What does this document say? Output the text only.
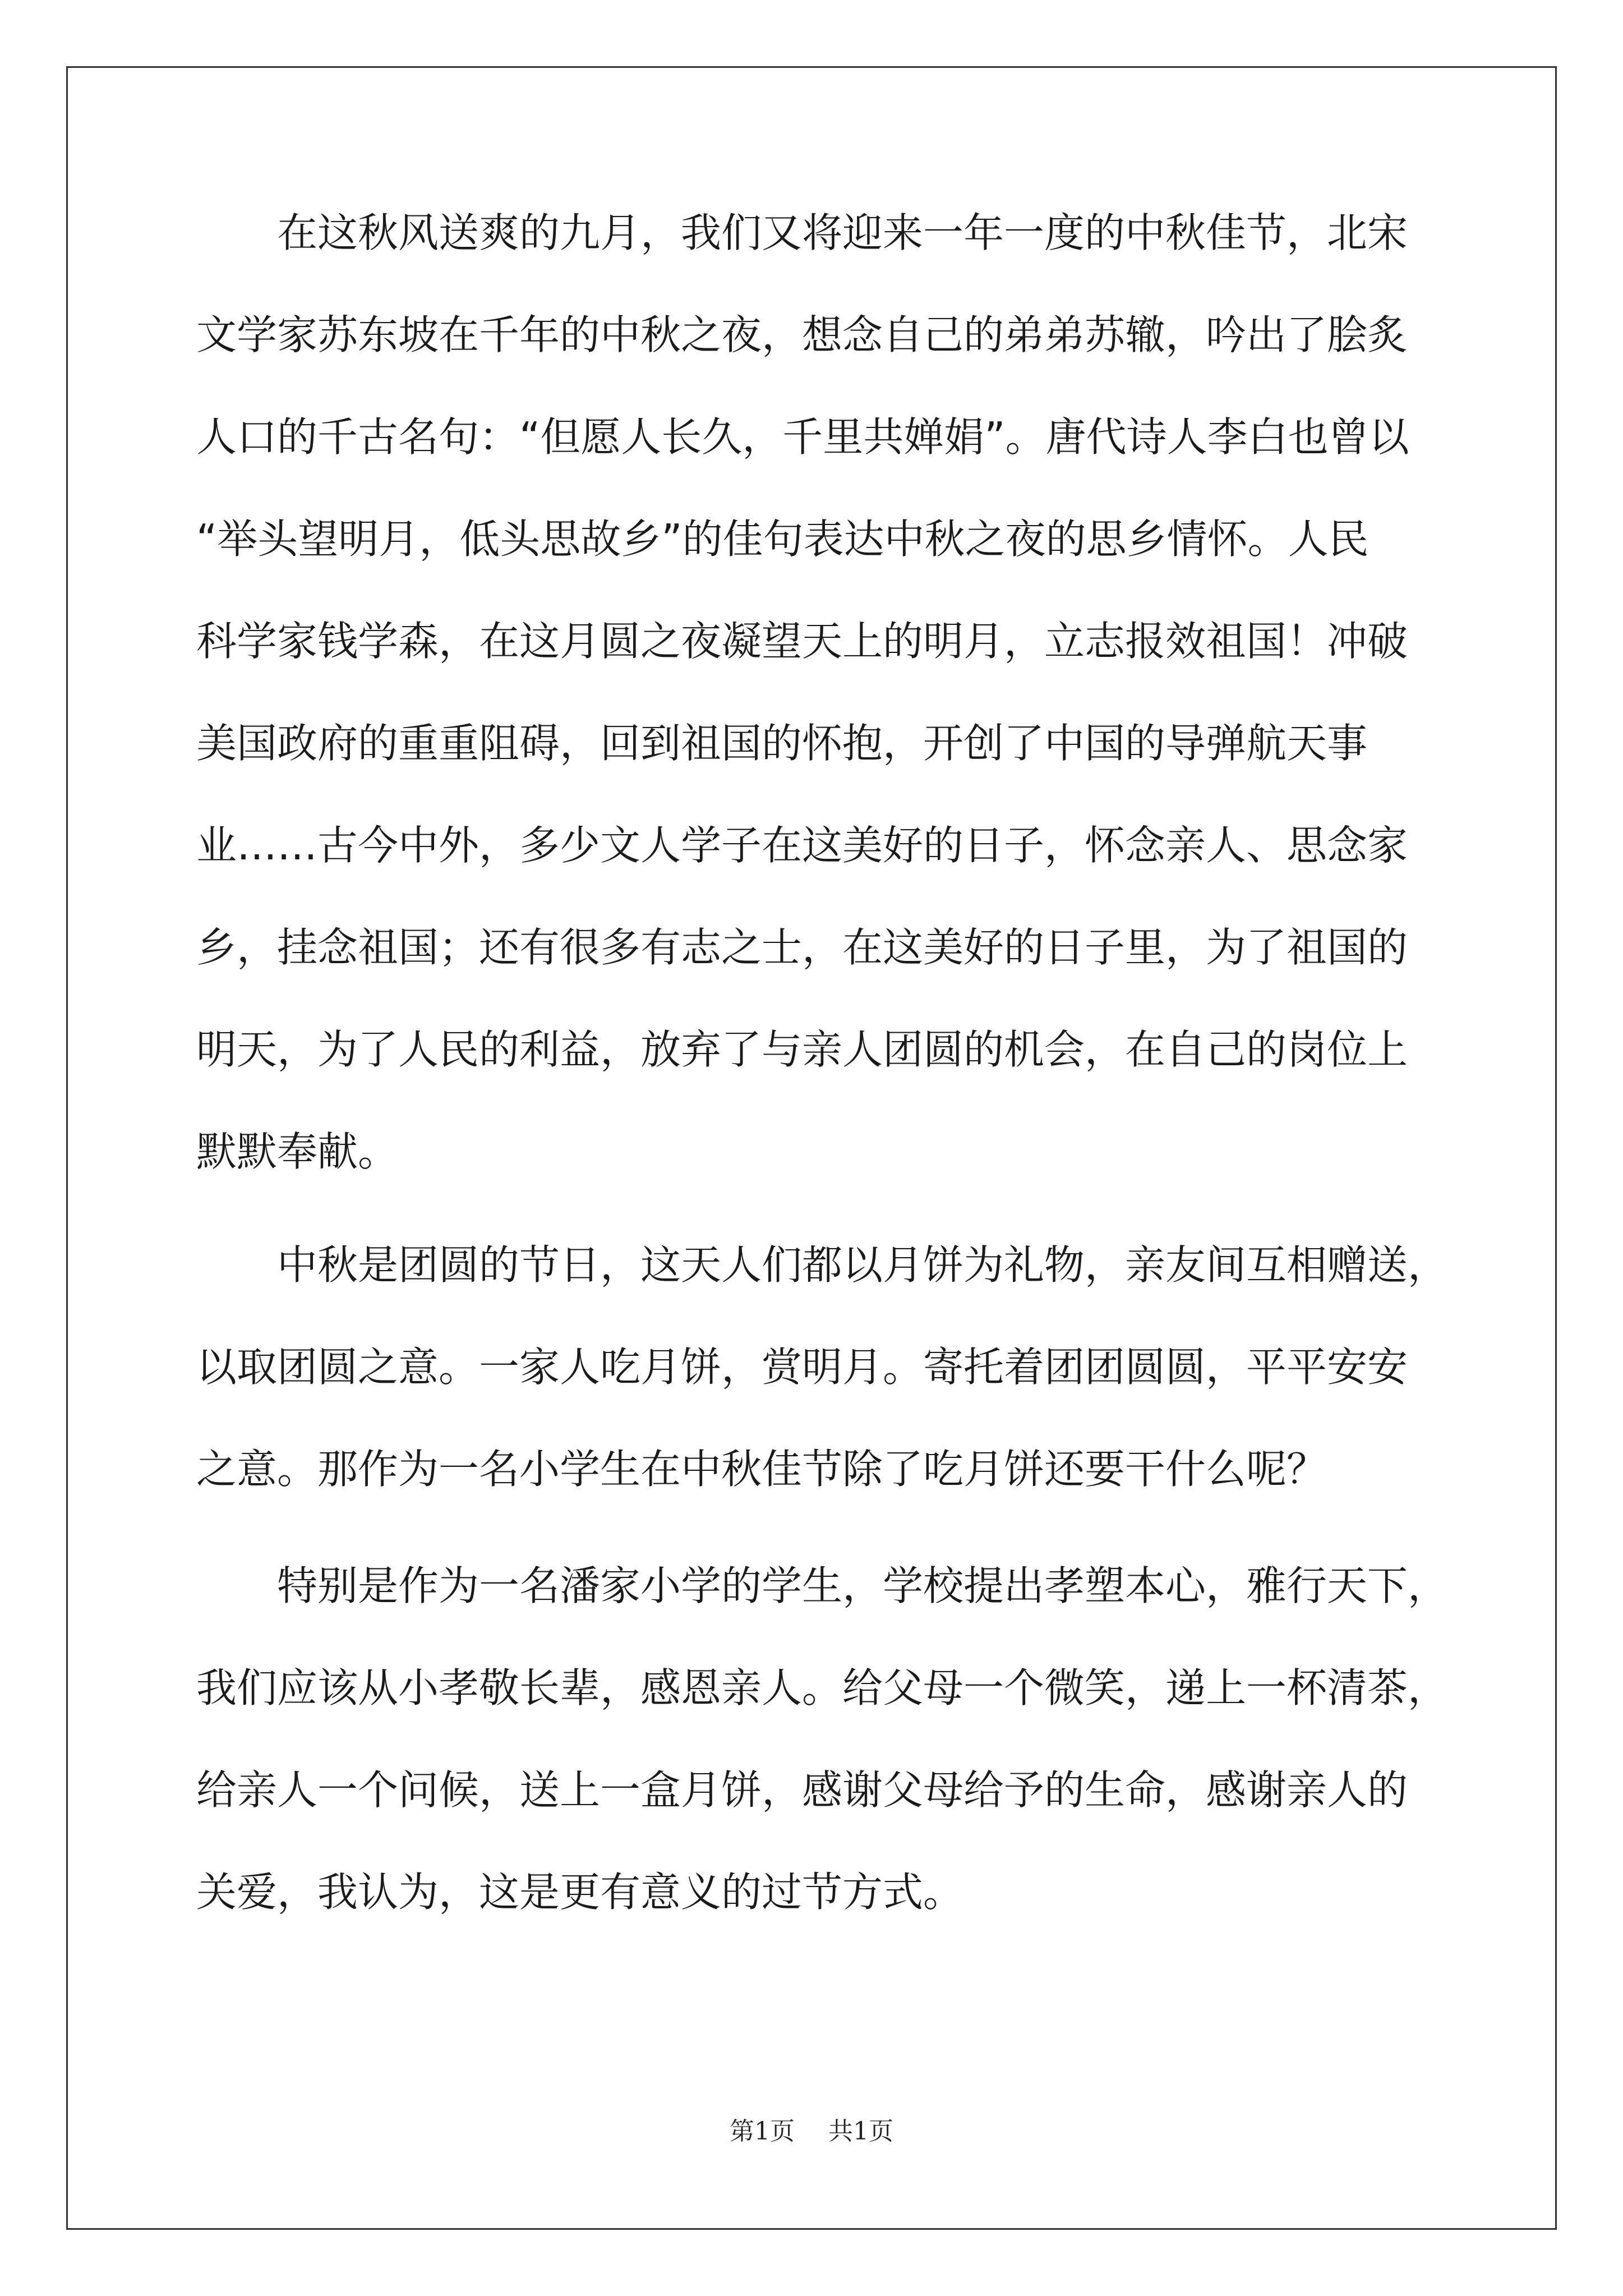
　　在这秋风送爽的九月，我们又将迎来一年一度的中秋佳节，北宋
文学家苏东坡在千年的中秋之夜，想念自己的弟弟苏辙，吟出了脍炙
人口的千古名句：“但愿人长久，千里共婵娟”。唐代诗人李白也曾以
“举头望明月，低头思故乡”的佳句表达中秋之夜的思乡情怀。人民
科学家钱学森，在这月圆之夜凝望天上的明月，立志报效祖国！冲破
美国政府的重重阻碍，回到祖国的怀抱，开创了中国的导弹航天事
业……古今中外，多少文人学子在这美好的日子，怀念亲人、思念家
乡，挂念祖国；还有很多有志之士，在这美好的日子里，为了祖国的
明天，为了人民的利益，放弃了与亲人团圆的机会，在自己的岗位上
默默奉献。
　　中秋是团圆的节日，这天人们都以月饼为礼物，亲友间互相赠送，
以取团圆之意。一家人吃月饼，赏明月。寄托着团团圆圆，平平安安
之意。那作为一名小学生在中秋佳节除了吃月饼还要干什么呢？
　　特别是作为一名潘家小学的学生，学校提出孝塑本心，雅行天下，
我们应该从小孝敬长辈，感恩亲人。给父母一个微笑，递上一杯清茶，
给亲人一个问候，送上一盒月饼，感谢父母给予的生命，感谢亲人的
关爱，我认为，这是更有意义的过节方式。
第1页 共1页
